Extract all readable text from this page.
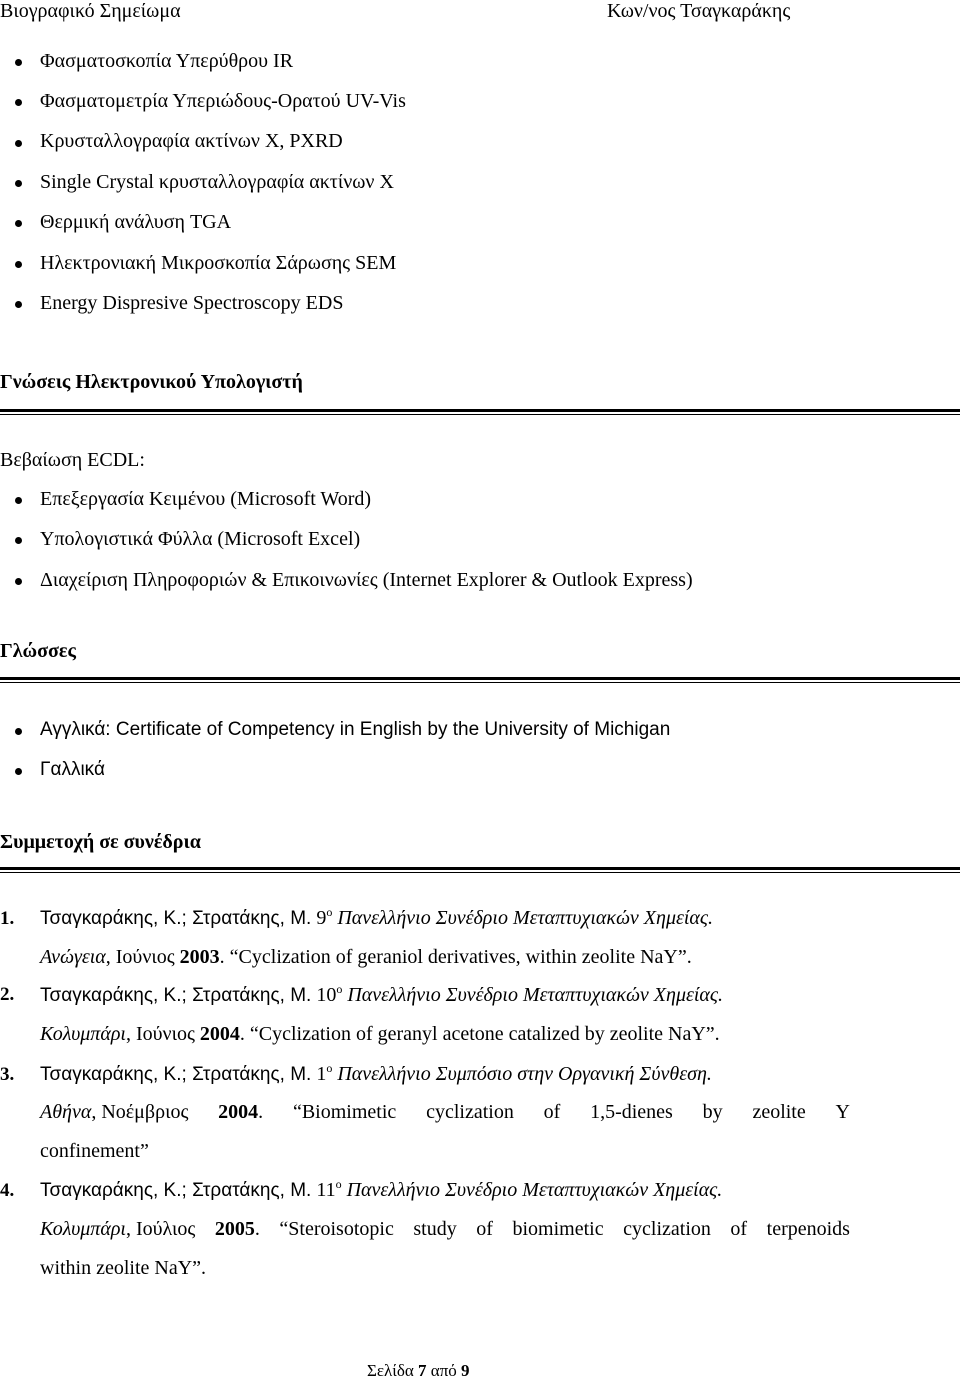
Βιογραφικό Σημείωμα	Κων/νος Τσαγκαράκης
Φασματοσκοπία Υπερύθρου IR
Φασματομετρία Υπεριώδους-Ορατού UV-Vis
Κρυσταλλογραφία ακτίνων X, PXRD
Single Crystal κρυσταλλογραφία ακτίνων X
Θερμική ανάλυση TGA
Ηλεκτρονιακή Μικροσκοπία Σάρωσης SEM
Energy Dispresive Spectroscopy EDS
Γνώσεις Ηλεκτρονικού Υπολογιστή
Βεβαίωση ECDL:
Επεξεργασία Κειμένου (Microsoft Word)
Υπολογιστικά Φύλλα (Microsoft Excel)
Διαχείριση Πληροφοριών & Επικοινωνίες (Internet Explorer & Outlook Express)
Γλώσσες
Αγγλικά: Certificate of Competency in English by the University of Michigan
Γαλλικά
Συμμετοχή σε συνέδρια
1. Τσαγκαράκης, Κ.; Στρατάκης, Μ. $9^o$ Πανελλήνιο Συνέδριο Μεταπτυχιακών Χημείας.
Ανώγεια, Ιούνιος 2003. “Cyclization of geraniol derivatives, within zeolite NaY”.
2. Τσαγκαράκης, Κ.; Στρατάκης, Μ. $10^o$ Πανελλήνιο Συνέδριο Μεταπτυχιακών Χημείας.
Κολυμπάρι, Ιούνιος 2004. “Cyclization of geranyl acetone catalized by zeolite NaY”.
3. Τσαγκαράκης, Κ.; Στρατάκης, Μ. $1^o$ Πανελλήνιο Συμπόσιο στην Οργανική Σύνθεση.
Αθήνα, Νοέμβριος 2004. “Biomimetic cyclization of 1,5-dienes by zeolite Y
confinement”
4. Τσαγκαράκης, Κ.; Στρατάκης, Μ. $11^o$ Πανελλήνιο Συνέδριο Μεταπτυχιακών Χημείας.
Κολυμπάρι, Ιούλιος 2005. “Steroisotopic study of biomimetic cyclization of terpenoids
within zeolite NaY”.
Σελίδα 7 από 9
